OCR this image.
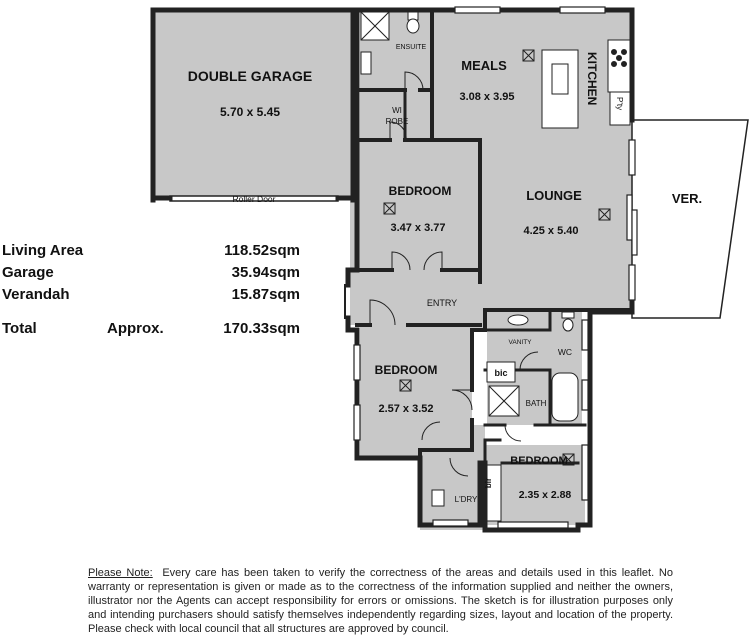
DOUBLE GARAGE
5.70 x 5.45
Roller Door
ENSUITE
WI
ROBE
MEALS
3.08 x 3.95	KITCHEN P'ty
BEDROOM
3.47 x 3.77
LOUNGE
4.25 x 5.40
VER.
ENTRY
VANITY
WC
BEDROOM
2.57 x 3.52
bic
BATH
BEDROOM
2.35 x 2.88
bir
L'DRY
Living Area	118.52sqm
Garage	35.94sqm
Verandah	15.87sqm
Total	Approx.	170.33sqm
Please Note: Every care has been taken to verify the correctness of the areas and details used in this leaflet. No warranty or representation is given or made as to the correctness of the information supplied and neither the owners, illustrator nor the Agents can accept responsibility for errors or omissions. The sketch is for illustration purposes only and intending purchasers should satisfy themselves independently regarding sizes, layout and location of the property. Please check with local council that all structures are approved by council.
